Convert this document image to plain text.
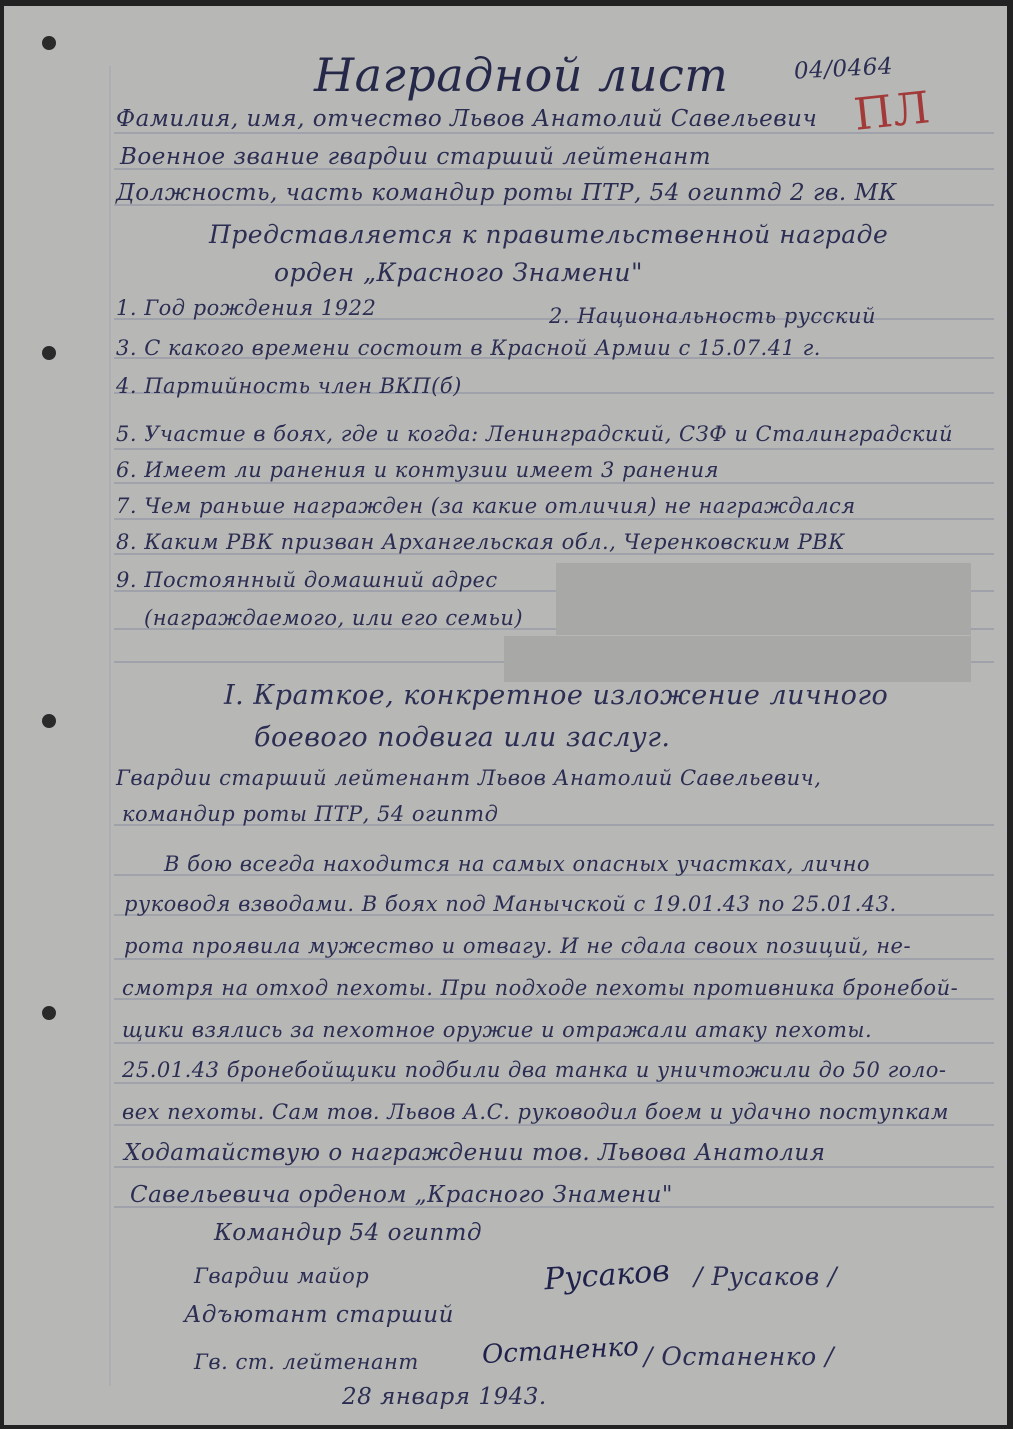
Наградной лист	04/0464
ПЛ
Фамилия, имя, отчество Львов Анатолий Савельевич
Военное звание гвардии старший лейтенант
Должность, часть командир роты ПТР, 54 огиптд 2 гв. МК
Представляется к правительственной награде
орден „Красного Знамени"
1. Год рождения 1922	2. Национальность русский
3. С какого времени состоит в Красной Армии с 15.07.41 г.
4. Партийность член ВКП(б)
5. Участие в боях, где и когда: Ленинградский, СЗФ и Сталинградский
6. Имеет ли ранения и контузии имеет 3 ранения
7. Чем раньше награжден (за какие отличия) не награждался
8. Каким РВК призван Архангельская обл., Черенковским РВК
9. Постоянный домашний адрес
(награждаемого, или его семьи)
I. Краткое, конкретное изложение личного
боевого подвига или заслуг.
Гвардии старший лейтенант Львов Анатолий Савельевич,
командир роты ПТР, 54 огиптд
В бою всегда находится на самых опасных участках, лично
руководя взводами. В боях под Манычской с 19.01.43 по 25.01.43.
рота проявила мужество и отвагу. И не сдала своих позиций, не-
смотря на отход пехоты. При подходе пехоты противника бронебой-
щики взялись за пехотное оружие и отражали атаку пехоты.
25.01.43 бронебойщики подбили два танка и уничтожили до 50 голо-
вех пехоты. Сам тов. Львов А.С. руководил боем и удачно поступкам
Ходатайствую о награждении тов. Львова Анатолия
Савельевича орденом „Красного Знамени"
Командир 54 огиптд
Гвардии майор	Русаков / Русаков /
Адъютант старший
Гв. ст. лейтенант Останенко / Останенко /
28 января 1943.
